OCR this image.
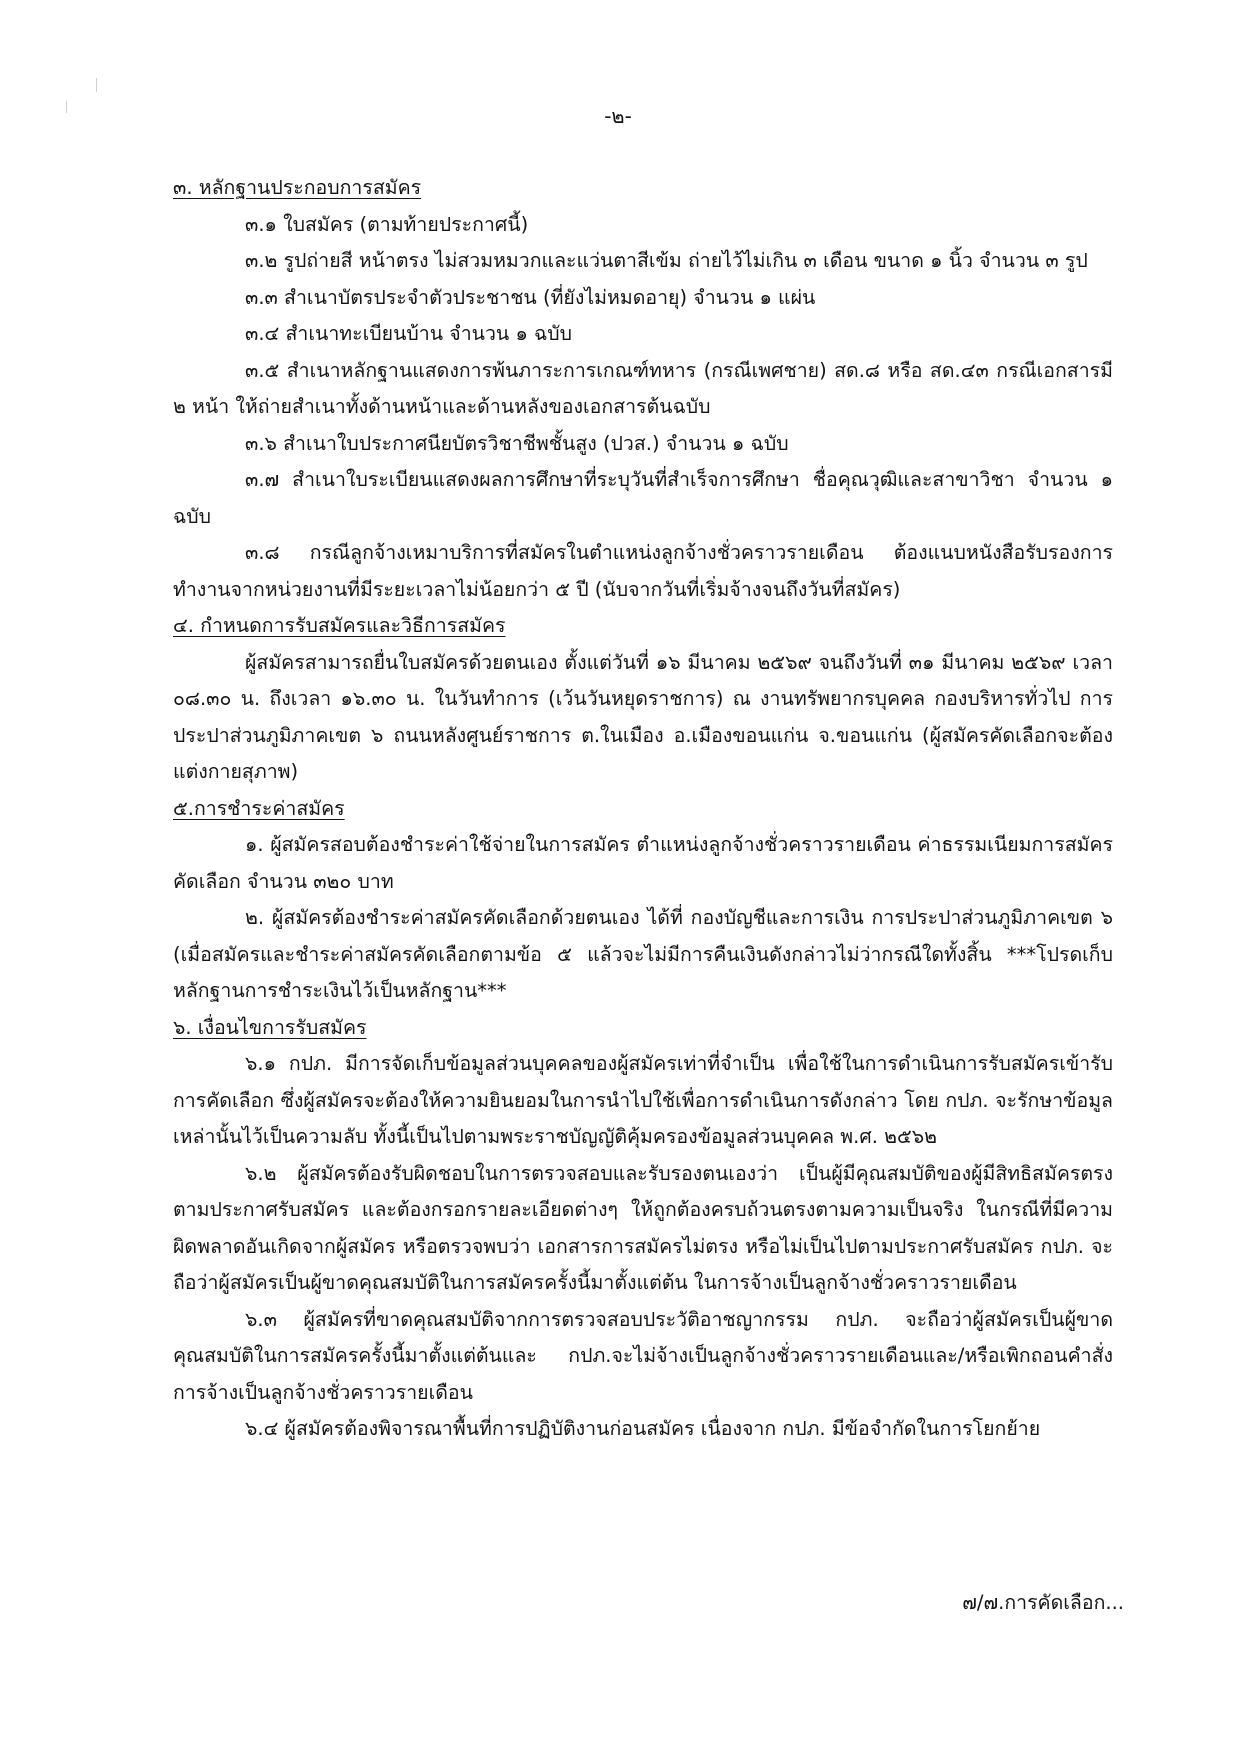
-๒-
๓. หลักฐานประกอบการสมัคร
๓.๑ ใบสมัคร (ตามท้ายประกาศนี้)
๓.๒ รูปถ่ายสี หน้าตรง ไม่สวมหมวกและแว่นตาสีเข้ม ถ่ายไว้ไม่เกิน ๓ เดือน ขนาด ๑ นิ้ว จำนวน ๓ รูป
๓.๓ สำเนาบัตรประจำตัวประชาชน (ที่ยังไม่หมดอายุ) จำนวน ๑ แผ่น
๓.๔ สำเนาทะเบียนบ้าน จำนวน ๑ ฉบับ
๓.๕ สำเนาหลักฐานแสดงการพ้นภาระการเกณฑ์ทหาร (กรณีเพศชาย) สด.๘ หรือ สด.๔๓ กรณีเอกสารมี ๒ หน้า ให้ถ่ายสำเนาทั้งด้านหน้าและด้านหลังของเอกสารต้นฉบับ
๓.๖ สำเนาใบประกาศนียบัตรวิชาชีพชั้นสูง (ปวส.) จำนวน ๑ ฉบับ
๓.๗ สำเนาใบระเบียนแสดงผลการศึกษาที่ระบุวันที่สำเร็จการศึกษา ชื่อคุณวุฒิและสาขาวิชา จำนวน ๑ ฉบับ
๓.๘ กรณีลูกจ้างเหมาบริการที่สมัครในตำแหน่งลูกจ้างชั่วคราวรายเดือน ต้องแนบหนังสือรับรองการทำงานจากหน่วยงานที่มีระยะเวลาไม่น้อยกว่า ๕ ปี (นับจากวันที่เริ่มจ้างจนถึงวันที่สมัคร)
๔. กำหนดการรับสมัครและวิธีการสมัคร
ผู้สมัครสามารถยื่นใบสมัครด้วยตนเอง ตั้งแต่วันที่ ๑๖ มีนาคม ๒๕๖๙ จนถึงวันที่ ๓๑ มีนาคม ๒๕๖๙ เวลา ๐๘.๓๐ น. ถึงเวลา ๑๖.๓๐ น. ในวันทำการ (เว้นวันหยุดราชการ) ณ งานทรัพยากรบุคคล กองบริหารทั่วไป การประปาส่วนภูมิภาคเขต ๖ ถนนหลังศูนย์ราชการ ต.ในเมือง อ.เมืองขอนแก่น จ.ขอนแก่น (ผู้สมัครคัดเลือกจะต้องแต่งกายสุภาพ)
๕.การชำระค่าสมัคร
๑. ผู้สมัครสอบต้องชำระค่าใช้จ่ายในการสมัคร ตำแหน่งลูกจ้างชั่วคราวรายเดือน ค่าธรรมเนียมการสมัครคัดเลือก จำนวน ๓๒๐ บาท
๒. ผู้สมัครต้องชำระค่าสมัครคัดเลือกด้วยตนเอง ได้ที่ กองบัญชีและการเงิน การประปาส่วนภูมิภาคเขต ๖ (เมื่อสมัครและชำระค่าสมัครคัดเลือกตามข้อ ๕ แล้วจะไม่มีการคืนเงินดังกล่าวไม่ว่ากรณีใดทั้งสิ้น ***โปรดเก็บหลักฐานการชำระเงินไว้เป็นหลักฐาน***
๖. เงื่อนไขการรับสมัคร
๖.๑ กปภ. มีการจัดเก็บข้อมูลส่วนบุคคลของผู้สมัครเท่าที่จำเป็น เพื่อใช้ในการดำเนินการรับสมัครเข้ารับการคัดเลือก ซึ่งผู้สมัครจะต้องให้ความยินยอมในการนำไปใช้เพื่อการดำเนินการดังกล่าว โดย กปภ. จะรักษาข้อมูลเหล่านั้นไว้เป็นความลับ ทั้งนี้เป็นไปตามพระราชบัญญัติคุ้มครองข้อมูลส่วนบุคคล พ.ศ. ๒๕๖๒
๖.๒ ผู้สมัครต้องรับผิดชอบในการตรวจสอบและรับรองตนเองว่า เป็นผู้มีคุณสมบัติของผู้มีสิทธิสมัครตรงตามประกาศรับสมัคร และต้องกรอกรายละเอียดต่างๆ ให้ถูกต้องครบถ้วนตรงตามความเป็นจริง ในกรณีที่มีความผิดพลาดอันเกิดจากผู้สมัคร หรือตรวจพบว่า เอกสารการสมัครไม่ตรง หรือไม่เป็นไปตามประกาศรับสมัคร กปภ. จะถือว่าผู้สมัครเป็นผู้ขาดคุณสมบัติในการสมัครครั้งนี้มาตั้งแต่ต้น ในการจ้างเป็นลูกจ้างชั่วคราวรายเดือน
๖.๓ ผู้สมัครที่ขาดคุณสมบัติจากการตรวจสอบประวัติอาชญากรรม กปภ. จะถือว่าผู้สมัครเป็นผู้ขาดคุณสมบัติในการสมัครครั้งนี้มาตั้งแต่ต้นและ กปภ.จะไม่จ้างเป็นลูกจ้างชั่วคราวรายเดือนและ/หรือเพิกถอนคำสั่งการจ้างเป็นลูกจ้างชั่วคราวรายเดือน
๖.๔ ผู้สมัครต้องพิจารณาพื้นที่การปฏิบัติงานก่อนสมัคร เนื่องจาก กปภ. มีข้อจำกัดในการโยกย้าย
๗/๗.การคัดเลือก...
